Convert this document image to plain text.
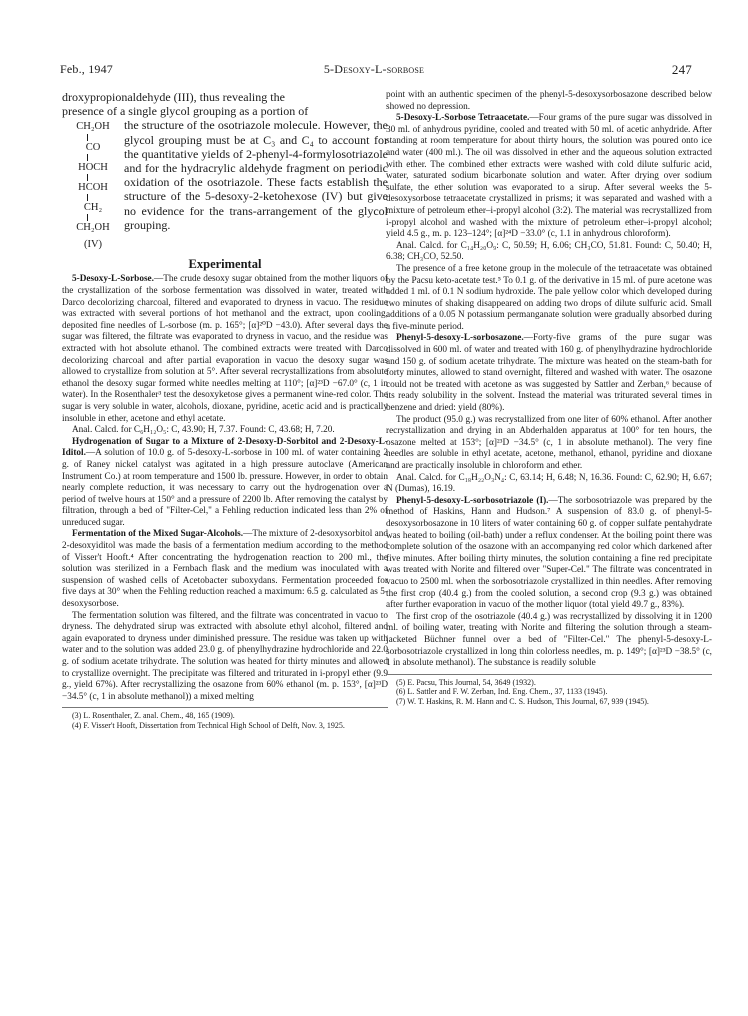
Feb., 1947	5-Desoxy-L-sorbose	247

droxypropionaldehyde (III), thus revealing the

presence of a single glycol grouping as a portion of

CH₂OH
CO
HOCH
HCOH
CH₂
CH₂OH
(IV)
the structure of the osotriazole molecule. However, the glycol grouping must be at C₃ and C₄ to account for the quantitative yields of 2-phenyl-4-formylosotriazole and for the hydracrylic aldehyde fragment on periodic oxidation of the osotriazole. These facts establish the structure of the 5-desoxy-2-ketohexose (IV) but give no evidence for the trans-arrangement of the glycol grouping.
Experimental

5-Desoxy-L-Sorbose.—The crude desoxy sugar obtained from the mother liquors of the crystallization of the sorbose fermentation was dissolved in water, treated with Darco decolorizing charcoal, filtered and evaporated to dryness in vacuo. The residue was extracted with several portions of hot methanol and the extract, upon cooling, deposited fine needles of L-sorbose (m. p. 165°; [α]²⁰D −43.0). After several days the sugar was filtered, the filtrate was evaporated to dryness in vacuo, and the residue was extracted with hot absolute ethanol. The combined extracts were treated with Darco decolorizing charcoal and after partial evaporation in vacuo the desoxy sugar was allowed to crystallize from solution at 5°. After several recrystallizations from absolute ethanol the desoxy sugar formed white needles melting at 110°; [α]²³D −67.0° (c, 1 in water). In the Rosenthaler³ test the desoxyketose gives a permanent wine-red color. The sugar is very soluble in water, alcohols, dioxane, pyridine, acetic acid and is practically insoluble in ether, acetone and ethyl acetate.

Anal. Calcd. for C₆H₁₂O₅: C, 43.90; H, 7.37. Found: C, 43.68; H, 7.20.

Hydrogenation of Sugar to a Mixture of 2-Desoxy-D-Sorbitol and 2-Desoxy-L-Iditol.—A solution of 10.0 g. of 5-desoxy-L-sorbose in 100 ml. of water containing 2 g. of Raney nickel catalyst was agitated in a high pressure autoclave (American Instrument Co.) at room temperature and 1500 lb. pressure. However, in order to obtain nearly complete reduction, it was necessary to carry out the hydrogenation over a period of twelve hours at 150° and a pressure of 2200 lb. After removing the catalyst by filtration, through a bed of "Filter-Cel," a Fehling reduction indicated less than 2% of unreduced sugar.

Fermentation of the Mixed Sugar-Alcohols.—The mixture of 2-desoxysorbitol and 2-desoxyiditol was made the basis of a fermentation medium according to the method of Visser't Hooft.⁴ After concentrating the hydrogenation reaction to 200 ml., the solution was sterilized in a Fernbach flask and the medium was inoculated with a suspension of washed cells of Acetobacter suboxydans. Fermentation proceeded for five days at 30° when the Fehling reduction reached a maximum: 6.5 g. calculated as 5-desoxysorbose.

The fermentation solution was filtered, and the filtrate was concentrated in vacuo to dryness. The dehydrated sirup was extracted with absolute ethyl alcohol, filtered and again evaporated to dryness under diminished pressure. The residue was taken up with water and to the solution was added 23.0 g. of phenylhydrazine hydrochloride and 22.0 g. of sodium acetate trihydrate. The solution was heated for thirty minutes and allowed to crystallize overnight. The precipitate was filtered and triturated in i-propyl ether (9.9 g., yield 67%). After recrystallizing the osazone from 60% ethanol (m. p. 153°, [α]²³D −34.5° (c, 1 in absolute methanol)) a mixed melting

(3) L. Rosenthaler, Z. anal. Chem., 48, 165 (1909).
(4) F. Visser't Hooft, Dissertation from Technical High School of Delft, Nov. 3, 1925.

point with an authentic specimen of the phenyl-5-desoxysorbosazone described below showed no depression.

5-Desoxy-L-Sorbose Tetraacetate.—Four grams of the pure sugar was dissolved in 30 ml. of anhydrous pyridine, cooled and treated with 50 ml. of acetic anhydride. After standing at room temperature for about thirty hours, the solution was poured onto ice and water (400 ml.). The oil was dissolved in ether and the aqueous solution extracted with ether. The combined ether extracts were washed with cold dilute sulfuric acid, water, saturated sodium bicarbonate solution and water. After drying over sodium sulfate, the ether solution was evaporated to a sirup. After several weeks the 5-desoxysorbose tetraacetate crystallized in prisms; it was separated and washed with a mixture of petroleum ether–i-propyl alcohol (3:2). The material was recrystallized from i-propyl alcohol and washed with the mixture of petroleum ether–i-propyl alcohol; yield 4.5 g., m. p. 123–124°; [α]²⁴D −33.0° (c, 1.1 in anhydrous chloroform).

Anal. Calcd. for C₁₄H₂₀O₉: C, 50.59; H, 6.06; CH₃CO, 51.81. Found: C, 50.40; H, 6.38; CH₃CO, 52.50.

The presence of a free ketone group in the molecule of the tetraacetate was obtained by the Pacsu keto-acetate test.⁵ To 0.1 g. of the derivative in 15 ml. of pure acetone was added 1 ml. of 0.1 N sodium hydroxide. The pale yellow color which developed during two minutes of shaking disappeared on adding two drops of dilute sulfuric acid. Small additions of a 0.05 N potassium permanganate solution were gradually absorbed during a five-minute period.

Phenyl-5-desoxy-L-sorbosazone.—Forty-five grams of the pure sugar was dissolved in 600 ml. of water and treated with 160 g. of phenylhydrazine hydrochloride and 150 g. of sodium acetate trihydrate. The mixture was heated on the steam-bath for forty minutes, allowed to stand overnight, filtered and washed with water. The osazone could not be treated with acetone as was suggested by Sattler and Zerban,⁶ because of its ready solubility in the solvent. Instead the material was triturated several times in benzene and dried: yield (80%).

The product (95.0 g.) was recrystallized from one liter of 60% ethanol. After another recrystallization and drying in an Abderhalden apparatus at 100° for ten hours, the osazone melted at 153°; [α]²³D −34.5° (c, 1 in absolute methanol). The very fine needles are soluble in ethyl acetate, acetone, methanol, ethanol, pyridine and dioxane and are practically insoluble in chloroform and ether.

Anal. Calcd. for C₁₈H₂₂O₃N₄: C, 63.14; H, 6.48; N, 16.36. Found: C, 62.90; H, 6.67; N (Dumas), 16.19.

Phenyl-5-desoxy-L-sorbosotriazole (I).—The sorbosotriazole was prepared by the method of Haskins, Hann and Hudson.⁷ A suspension of 83.0 g. of phenyl-5-desoxysorbosazone in 10 liters of water containing 60 g. of copper sulfate pentahydrate was heated to boiling (oil-bath) under a reflux condenser. At the boiling point there was complete solution of the osazone with an accompanying red color which darkened after five minutes. After boiling thirty minutes, the solution containing a fine red precipitate was treated with Norite and filtered over "Super-Cel." The filtrate was concentrated in vacuo to 2500 ml. when the sorbosotriazole crystallized in thin needles. After removing the first crop (40.4 g.) from the cooled solution, a second crop (9.3 g.) was obtained after further evaporation in vacuo of the mother liquor (total yield 49.7 g., 83%).

The first crop of the osotriazole (40.4 g.) was recrystallized by dissolving it in 1200 ml. of boiling water, treating with Norite and filtering the solution through a steam-jacketed Büchner funnel over a bed of "Filter-Cel." The phenyl-5-desoxy-L-sorbosotriazole crystallized in long thin colorless needles, m. p. 149°; [α]²³D −38.5° (c, 1 in absolute methanol). The substance is readily soluble

(5) E. Pacsu, This Journal, 54, 3649 (1932).
(6) L. Sattler and F. W. Zerban, Ind. Eng. Chem., 37, 1133 (1945).
(7) W. T. Haskins, R. M. Hann and C. S. Hudson, This Journal, 67, 939 (1945).
